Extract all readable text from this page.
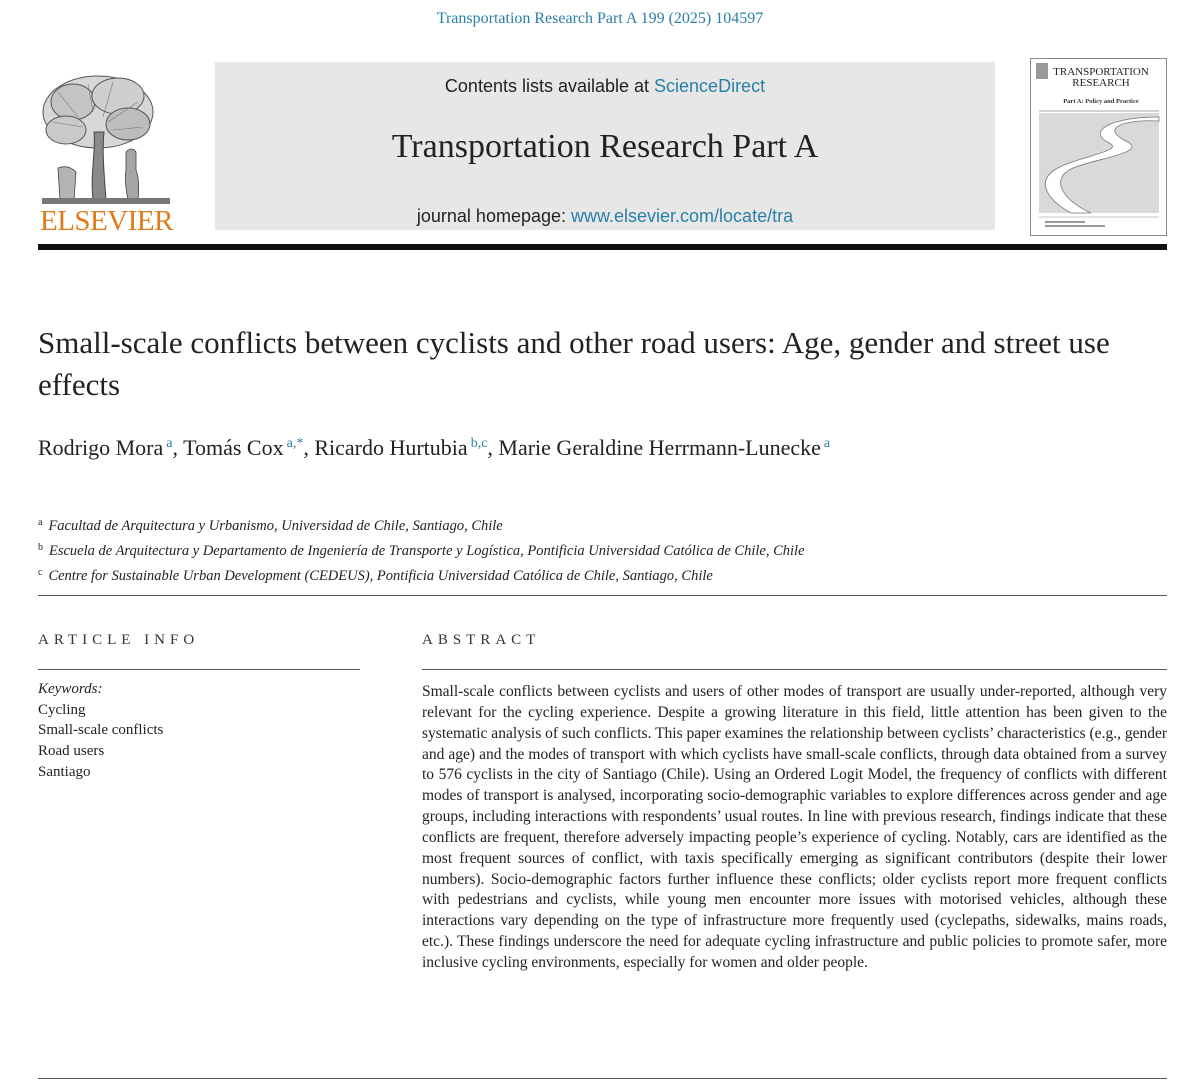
Transportation Research Part A 199 (2025) 104597
ELSEVIER
Contents lists available at ScienceDirect
Transportation Research Part A
journal homepage: www.elsevier.com/locate/tra
TRANSPORTATION
RESEARCH
Part A: Policy and Practice
Small-scale conflicts between cyclists and other road users: Age, gender and street use effects
Rodrigo Mora $^a$, Tomás Cox $^{a,*}$, Ricardo Hurtubia $^{b,c}$, Marie Geraldine Herrmann-Lunecke $^a$
$^a$ Facultad de Arquitectura y Urbanismo, Universidad de Chile, Santiago, Chile
$^b$ Escuela de Arquitectura y Departamento de Ingeniería de Transporte y Logística, Pontificia Universidad Católica de Chile, Chile
$^c$ Centre for Sustainable Urban Development (CEDEUS), Pontificia Universidad Católica de Chile, Santiago, Chile
ARTICLE INFO
Keywords:
Cycling
Small-scale conflicts
Road users
Santiago
ABSTRACT

Small-scale conflicts between cyclists and users of other modes of transport are usually under-reported, although very relevant for the cycling experience. Despite a growing literature in this field, little attention has been given to the systematic analysis of such conflicts. This paper examines the relationship between cyclists’ characteristics (e.g., gender and age) and the modes of transport with which cyclists have small-scale conflicts, through data obtained from a survey to 576 cyclists in the city of Santiago (Chile). Using an Ordered Logit Model, the frequency of conflicts with different modes of transport is analysed, incorporating socio-demographic variables to explore differences across gender and age groups, including interactions with respondents’ usual routes. In line with previous research, findings indicate that these conflicts are frequent, therefore adversely impacting people’s experience of cycling. Notably, cars are identified as the most frequent sources of conflict, with taxis specifically emerging as significant contributors (despite their lower numbers). Socio-demographic factors further influence these conflicts; older cyclists report more frequent conflicts with pedestrians and cyclists, while young men encounter more issues with motorised vehicles, although these interactions vary depending on the type of infrastructure more frequently used (cyclepaths, sidewalks, mains roads, etc.). These findings underscore the need for adequate cycling infrastructure and public policies to promote safer, more inclusive cycling environments, especially for women and older people.
